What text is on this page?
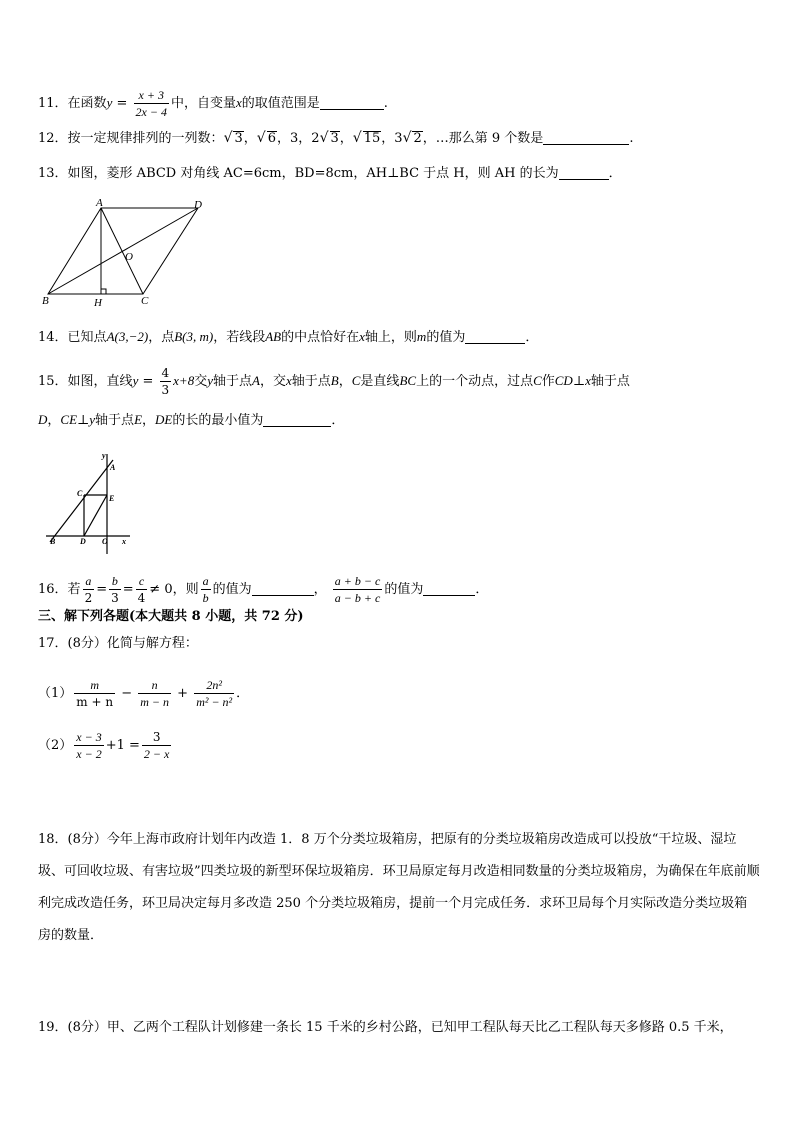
11．在函数$y = \frac{x + 3}{2x - 4}$ 中，自变量x的取值范围是	.
12．按一定规律排列的一列数：√ 3，√ 6，3，2√ 3，√ 15，3√ 2，…那么第 9 个数是	.
13．如图，菱形 ABCD 对角线 AC=6cm，BD=8cm，AH⊥BC 于点 H，则 AH 的长为	．
A	D
O
B	H	C
14．已知点A(3,−2)，点B(3, m)，若线段AB的中点恰好在x轴上，则m的值为	．
15．如图，直线$y = \frac{4}{3} x+8$交y轴于点A，交x轴于点B，C是直线BC上的一个动点，过点C作CD⊥x轴于点
D，CE⊥y轴于点E，DE的长的最小值为	．
y
A
C
E
B	D O x
16．若 $\frac{a}{2} = \frac{b}{3} = \frac{c}{4} \ne 0$，则 $\frac{a}{b}$ 的值为	， $\frac{a + b - c}{a - b + c}$ 的值为	．
三、解下列各题(本大题共 8 小题，共 72 分)
17．(8分）化简与解方程：
$(1) \frac{m}{m + n} - \frac{n}{m - n} + \frac{\text{2n²}}{\text{m² − n²}}$ ．
$(2) \frac{x - 3}{x - 2} +1 = \frac{3}{2 - x}$
18．(8分）今年上海市政府计划年内改造 1．8 万个分类垃圾箱房，把原有的分类垃圾箱房改造成可以投放“干垃圾、湿垃圾、可回收垃圾、有害垃圾”四类垃圾的新型环保垃圾箱房．环卫局原定每月改造相同数量的分类垃圾箱房，为确保在年底前顺利完成改造任务，环卫局决定每月多改造 250 个分类垃圾箱房，提前一个月完成任务．求环卫局每个月实际改造分类垃圾箱房的数量．
19．(8分）甲、乙两个工程队计划修建一条长 15 千米的乡村公路，已知甲工程队每天比乙工程队每天多修路 0.5 千米，
